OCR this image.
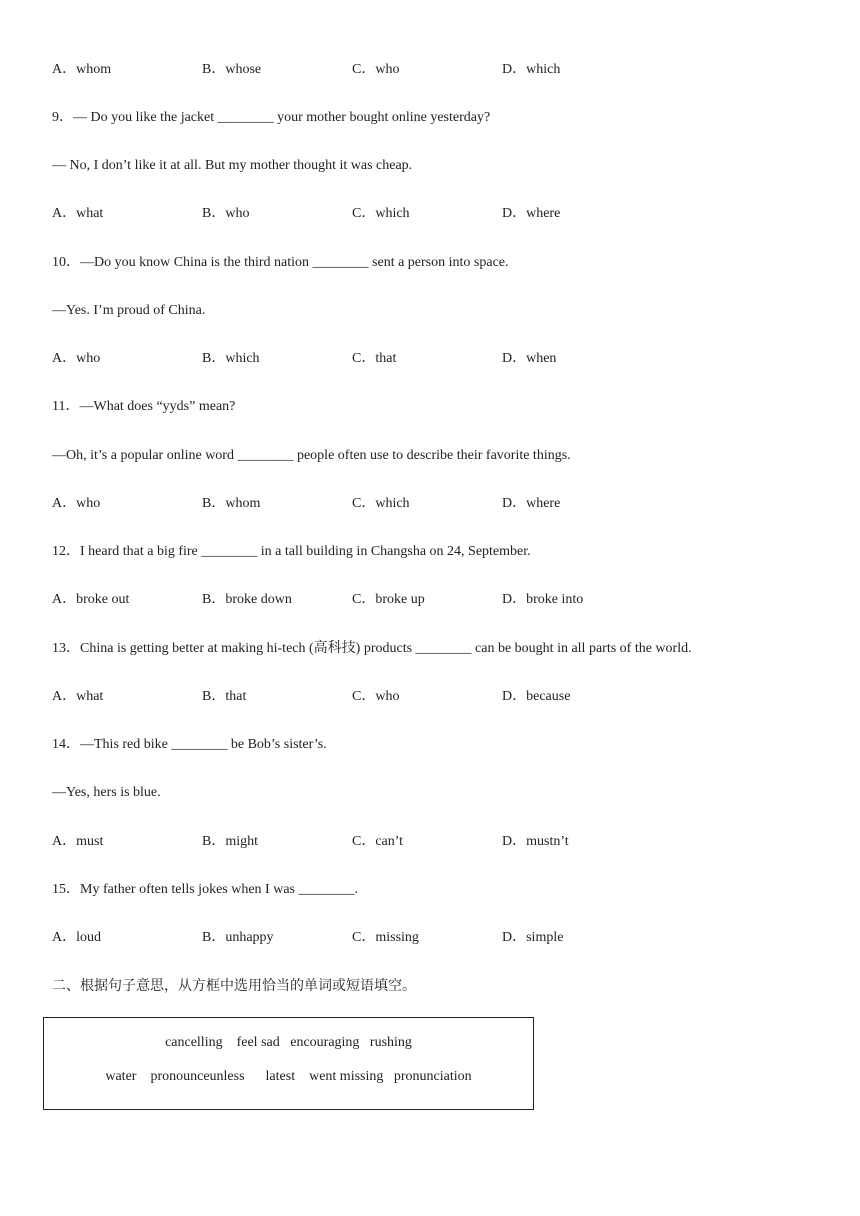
A．whom	B．whose	C．who	D．which
9．— Do you like the jacket ________ your mother bought online yesterday?
— No, I don’t like it at all. But my mother thought it was cheap.
A．what	B．who	C．which	D．where
10．—Do you know China is the third nation ________ sent a person into space.
—Yes. I’m proud of China.
A．who	B．which	C．that	D．when
11．—What does “yyds” mean?
—Oh, it’s a popular online word ________ people often use to describe their favorite things.
A．who	B．whom	C．which	D．where
12．I heard that a big fire ________ in a tall building in Changsha on 24, September.
A．broke out	B．broke down	C．broke up	D．broke into
13．China is getting better at making hi-tech (高科技) products ________ can be bought in all parts of the world.
A．what	B．that	C．who	D．because
14．—This red bike ________ be Bob’s sister’s.
—Yes, hers is blue.
A．must	B．might	C．can’t	D．mustn’t
15．My father often tells jokes when I was ________.
A．loud	B．unhappy	C．missing	D．simple
二、根据句子意思，从方框中选用恰当的单词或短语填空。
cancelling    feel sad   encouraging   rushing
water    pronounceunless      latest    went missing   pronunciation
